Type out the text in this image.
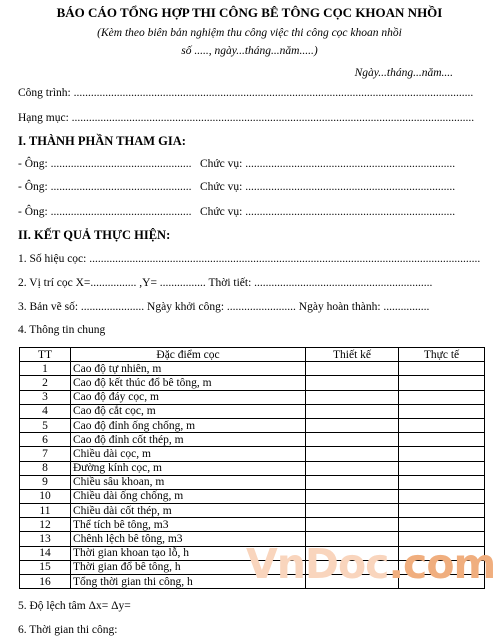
BÁO CÁO TỔNG HỢP THI CÔNG BÊ TÔNG CỌC KHOAN NHỒI
(Kèm theo biên bản nghiệm thu công việc thi công cọc khoan nhồi
số ....., ngày...tháng...năm.....)
Ngày...tháng...năm....
Công trình: ...........................................................................................................................................
Hạng mục: ............................................................................................................................................
I. THÀNH PHẦN THAM GIA:
- Ông: ................................................. Chức vụ: .........................................................................
- Ông: ................................................. Chức vụ: .........................................................................
- Ông: ................................................. Chức vụ: .........................................................................
II. KẾT QUẢ THỰC HIỆN:
1. Số hiệu cọc: ........................................................................................................................................
2. Vị trí cọc X=................ ,Y= ................ Thời tiết: ..............................................................
3. Bản vẽ số: ...................... Ngày khởi công: ........................ Ngày hoàn thành: ................
4. Thông tin chung
TT	Đặc điểm cọc	Thiết kế	Thực tế
1	Cao độ tự nhiên, m		
2	Cao độ kết thúc đổ bê tông, m		
3	Cao độ đáy cọc, m		
4	Cao độ cắt cọc, m		
5	Cao độ đỉnh ống chống, m		
6	Cao độ đỉnh cốt thép, m		
7	Chiều dài cọc, m		
8	Đường kính cọc, m		
9	Chiều sâu khoan, m		
10	Chiều dài ống chống, m		
11	Chiều dài cốt thép, m		
12	Thể tích bê tông, m3		
13	Chênh lệch bê tông, m3		
14	Thời gian khoan tạo lỗ, h		
15	Thời gian đổ bê tông, h		
16	Tổng thời gian thi công, h		VnDoc.com
5. Độ lệch tâm Δx= Δy=
6. Thời gian thi công:
